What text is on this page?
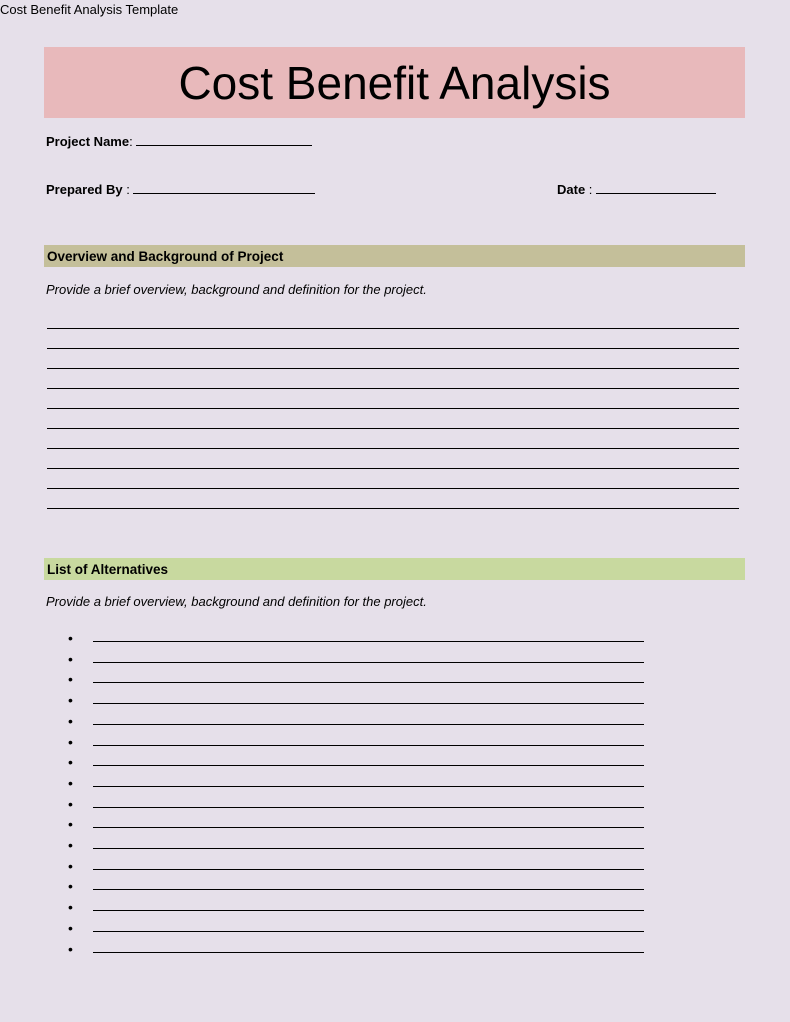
Cost Benefit Analysis Template
Cost Benefit Analysis
Project Name:
Prepared By :	Date :
Overview and Background of Project
Provide a brief overview, background and definition for the project.
List of Alternatives
Provide a brief overview, background and definition for the project.
•
•
•
•
•
•
•
•
•
•
•
•
•
•
•
•
